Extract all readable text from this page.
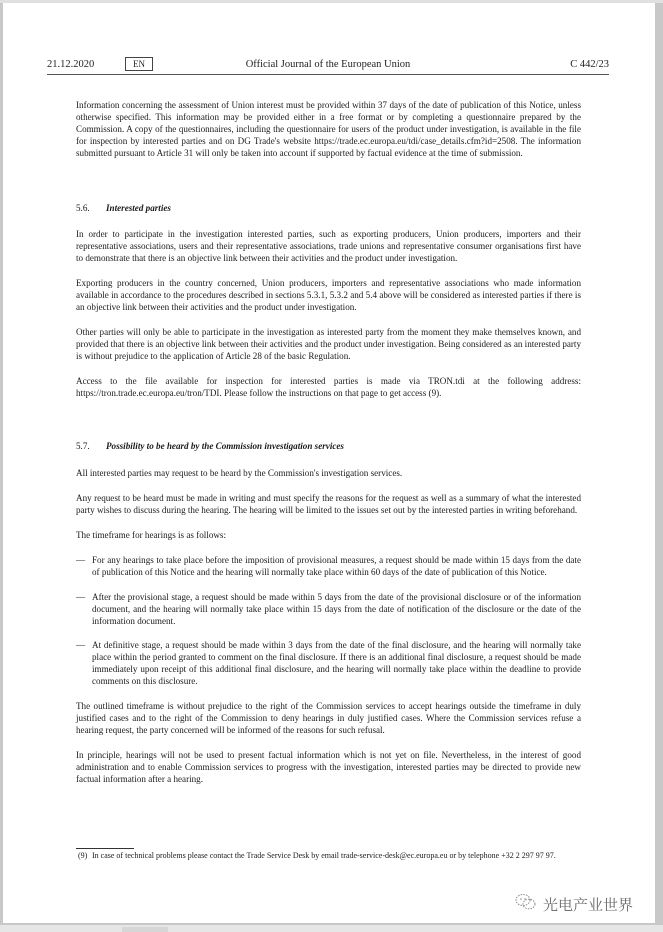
21.12.2020	EN	Official Journal of the European Union	C 442/23

Information concerning the assessment of Union interest must be provided within 37 days of the date of publication of this Notice, unless otherwise specified. This information may be provided either in a free format or by completing a questionnaire prepared by the Commission. A copy of the questionnaires, including the questionnaire for users of the product under investigation, is available in the file for inspection by interested parties and on DG Trade's website https://trade.ec.europa.eu/tdi/case_details.cfm?id=2508. The information submitted pursuant to Article 31 will only be taken into account if supported by factual evidence at the time of submission.

5.6.	Interested parties

In order to participate in the investigation interested parties, such as exporting producers, Union producers, importers and their representative associations, users and their representative associations, trade unions and representative consumer organisations first have to demonstrate that there is an objective link between their activities and the product under investigation.

Exporting producers in the country concerned, Union producers, importers and representative associations who made information available in accordance to the procedures described in sections 5.3.1, 5.3.2 and 5.4 above will be considered as interested parties if there is an objective link between their activities and the product under investigation.

Other parties will only be able to participate in the investigation as interested party from the moment they make themselves known, and provided that there is an objective link between their activities and the product under investigation. Being considered as an interested party is without prejudice to the application of Article 28 of the basic Regulation.

Access to the file available for inspection for interested parties is made via TRON.tdi at the following address: https://tron.trade.ec.europa.eu/tron/TDI. Please follow the instructions on that page to get access (9).

5.7.	Possibility to be heard by the Commission investigation services

All interested parties may request to be heard by the Commission's investigation services.

Any request to be heard must be made in writing and must specify the reasons for the request as well as a summary of what the interested party wishes to discuss during the hearing. The hearing will be limited to the issues set out by the interested parties in writing beforehand.

The timeframe for hearings is as follows:

— For any hearings to take place before the imposition of provisional measures, a request should be made within 15 days from the date of publication of this Notice and the hearing will normally take place within 60 days of the date of publication of this Notice.
— After the provisional stage, a request should be made within 5 days from the date of the provisional disclosure or of the information document, and the hearing will normally take place within 15 days from the date of notification of the disclosure or the date of the information document.
— At definitive stage, a request should be made within 3 days from the date of the final disclosure, and the hearing will normally take place within the period granted to comment on the final disclosure. If there is an additional final disclosure, a request should be made immediately upon receipt of this additional final disclosure, and the hearing will normally take place within the deadline to provide comments on this disclosure.

The outlined timeframe is without prejudice to the right of the Commission services to accept hearings outside the timeframe in duly justified cases and to the right of the Commission to deny hearings in duly justified cases. Where the Commission services refuse a hearing request, the party concerned will be informed of the reasons for such refusal.

In principle, hearings will not be used to present factual information which is not yet on file. Nevertheless, in the interest of good administration and to enable Commission services to progress with the investigation, interested parties may be directed to provide new factual information after a hearing.

(9) In case of technical problems please contact the Trade Service Desk by email trade-service-desk@ec.europa.eu or by telephone +32 2 297 97 97.
光电产业世界
